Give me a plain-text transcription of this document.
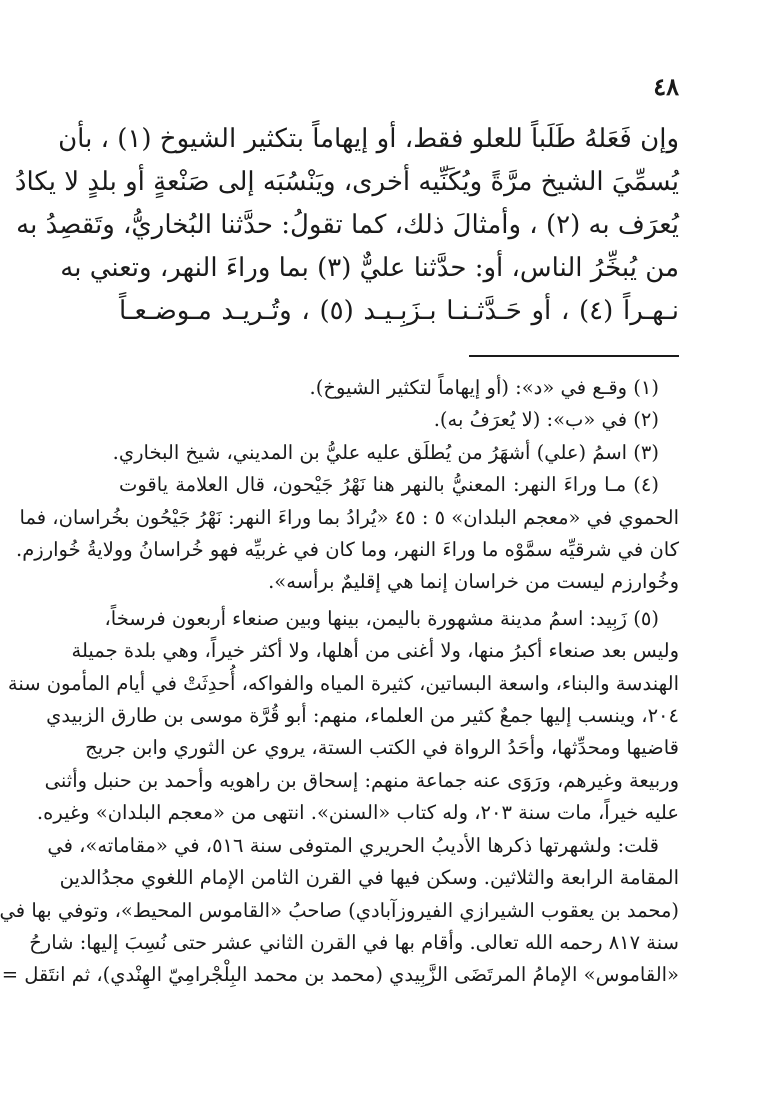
٤٨
وإن فَعَلهُ طَلَباً للعلو فقط، أو إيهاماً بتكثير الشيوخ (١) ، بأن
يُسمِّيَ الشيخ مرَّةً ويُكَنِّيه أخرى، ويَنْسُبَه إلى صَنْعةٍ أو بلدٍ لا يكادُ
يُعرَف به (٢) ، وأمثالَ ذلك، كما تقولُ: حدَّثنا البُخاريُّ، وتَقصِدُ به
من يُبخِّرُ الناس، أو: حدَّثنا عليٌّ (٣) بما وراءَ النهر، وتعني به
نـهـراً (٤) ، أو حَـدَّثـنـا بـزَبِـيـد (٥) ، وتُـريـد مـوضـعـاً
(١) وقـع في «د»: (أو إيهاماً لتكثير الشيوخ).
(٢) في «ب»: (لا يُعرَفُ به).
(٣) اسمُ (علي) أشهَرُ من يُطلَق عليه عليُّ بن المديني، شيخ البخاري.
(٤) مـا وراءَ النهر: المعنيُّ بالنهر هنا نَهْرُ جَيْحون، قال العلامة ياقوت
الحموي في «معجم البلدان» ٥ : ٤٥ «يُرادُ بما وراءَ النهر: نَهْرُ جَيْحُون بخُراسان، فما
كان في شرقيِّه سمَّوْه ما وراءَ النهر، وما كان في غربيِّه فهو خُراسانُ وولايةُ خُوارزم.
وخُوارزم ليست من خراسان إنما هي إقليمٌ برأسه».
(٥) زَبِيد: اسمُ مدينة مشهورة باليمن، بينها وبين صنعاء أربعون فرسخاً،
وليس بعد صنعاء أكبرُ منها، ولا أغنى من أهلها، ولا أكثر خيراً، وهي بلدة جميلة
الهندسة والبناء، واسعة البساتين، كثيرة المياه والفواكه، أُحدِثَتْ في أيام المأمون سنة
٢٠٤، وينسب إليها جمعٌ كثير من العلماء، منهم: أبو قُرَّة موسى بن طارق الزبيدي
قاضيها ومحدِّثها، وأحَدُ الرواة في الكتب الستة، يروي عن الثوري وابن جريج
وربيعة وغيرهم، ورَوَى عنه جماعة منهم: إسحاق بن راهويه وأحمد بن حنبل وأثنى
عليه خيراً، مات سنة ٢٠٣، وله كتاب «السنن». انتهى من «معجم البلدان» وغيره.
قلت: ولشهرتها ذكرها الأديبُ الحريري المتوفى سنة ٥١٦، في «مقاماته»، في
المقامة الرابعة والثلاثين. وسكن فيها في القرن الثامن الإمام اللغوي مجدُالدين
(محمد بن يعقوب الشيرازي الفيروزآبادي) صاحبُ «القاموس المحيط»، وتوفي بها في
سنة ٨١٧ رحمه الله تعالى. وأقام بها في القرن الثاني عشر حتى نُسِبَ إليها: شارحُ
«القاموس» الإمامُ المرتَضَى الزَّبِيدي (محمد بن محمد البِلْجْرامِيّ الهِنْدي)، ثم انتَقل =
